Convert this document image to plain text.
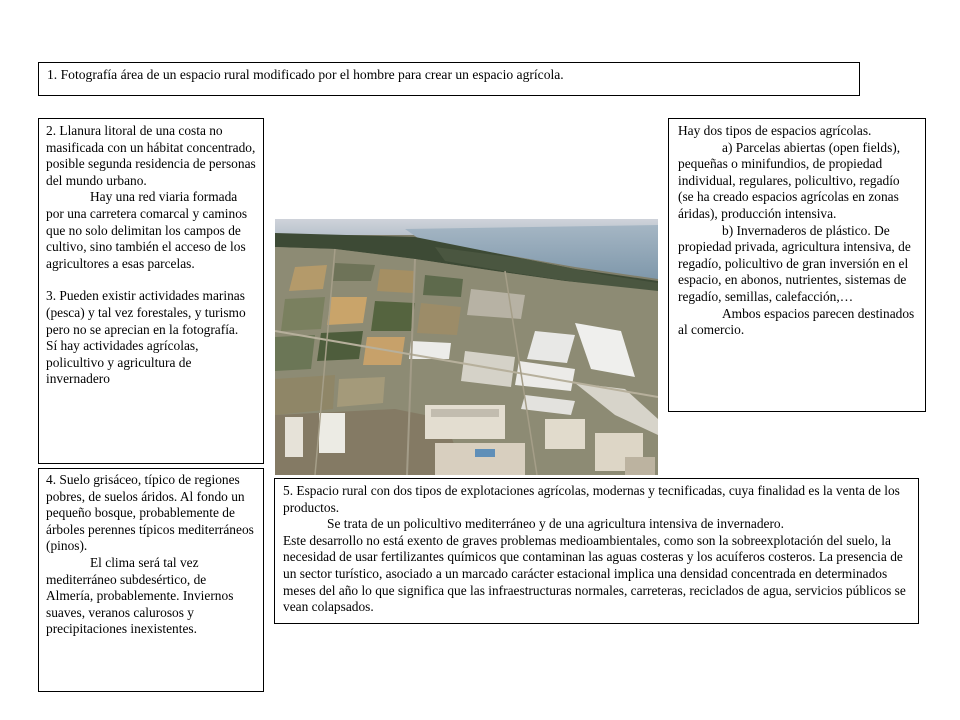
1. Fotografía área de un espacio rural modificado por el hombre para crear un espacio agrícola.

2. Llanura litoral de una costa no masificada con un hábitat concentrado, posible segunda residencia de personas del mundo urbano.

Hay una red viaria formada por una carretera comarcal y caminos que no solo delimitan los campos de cultivo, sino también el acceso de los agricultores a esas parcelas.

3. Pueden existir actividades marinas (pesca) y tal vez forestales, y turismo pero no se aprecian en la fotografía.

Sí hay actividades agrícolas, policultivo y agricultura de invernadero

Hay dos tipos de espacios agrícolas.

a) Parcelas abiertas (open fields), pequeñas o minifundios, de propiedad individual, regulares, policultivo, regadío (se ha creado espacios agrícolas en zonas áridas), producción intensiva.

b) Invernaderos de plástico. De propiedad privada, agricultura intensiva, de regadío, policultivo de gran inversión en el espacio, en abonos, nutrientes, sistemas de regadío, semillas, calefacción,…

Ambos espacios parecen destinados al comercio.

4. Suelo grisáceo, típico de regiones pobres, de suelos áridos. Al fondo un pequeño bosque, probablemente de árboles perennes típicos mediterráneos (pinos).

El clima será tal vez mediterráneo subdesértico, de Almería, probablemente. Inviernos suaves, veranos calurosos y precipitaciones inexistentes.

5. Espacio rural con dos tipos de explotaciones agrícolas, modernas y tecnificadas, cuya finalidad es la venta de los productos.

Se trata de un policultivo mediterráneo y de una agricultura intensiva de invernadero.

Este desarrollo no está exento de graves problemas medioambientales, como son la sobreexplotación del suelo, la necesidad de usar fertilizantes químicos que contaminan las aguas costeras y los acuíferos costeros. La presencia de un sector turístico, asociado a un marcado carácter estacional implica una densidad concentrada en determinados meses del año lo que significa que las infraestructuras normales, carreteras, reciclados de agua, servicios públicos se vean colapsados.
